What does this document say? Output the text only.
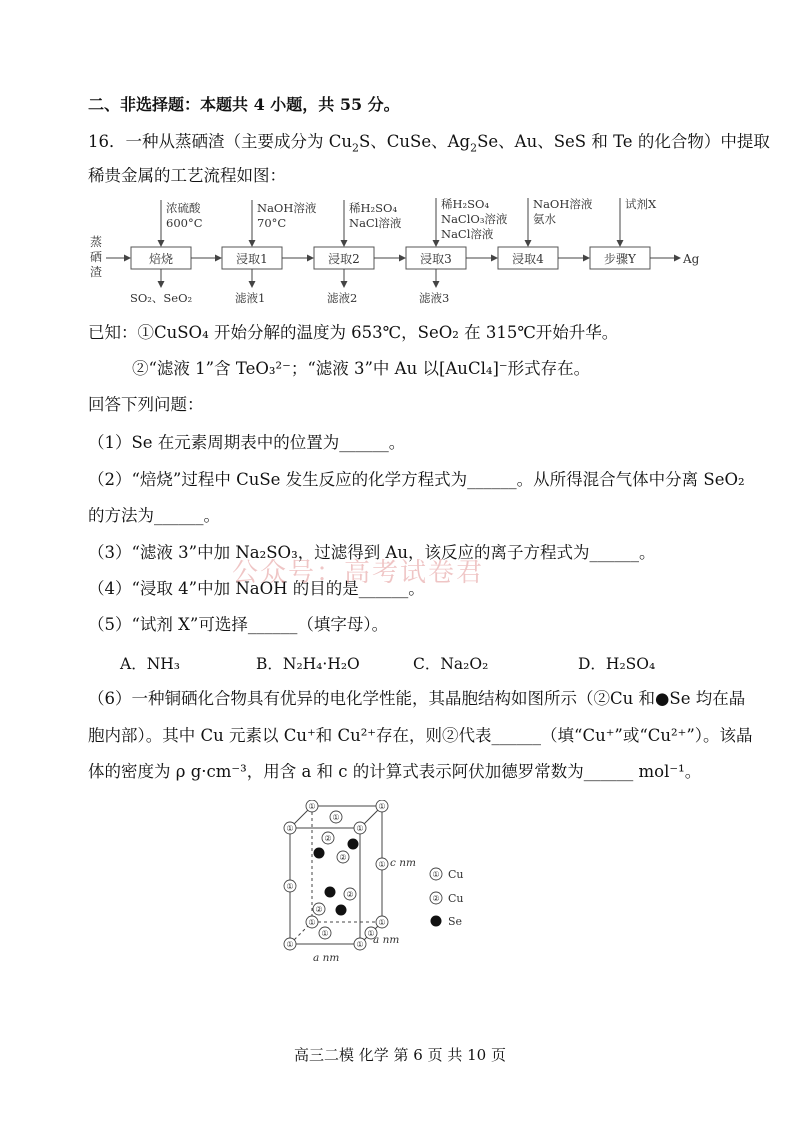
二、非选择题：本题共 4 小题，共 55 分。
16．一种从蒸硒渣（主要成分为 $Cu_2S$、CuSe、$Ag_2Se$、Au、SeS 和 Te 的化合物）中提取
稀贵金属的工艺流程如图：
蒸
硒
渣
焙烧	浸取1	浸取2	浸取3	浸取4	步骤Y	Ag
浓硫酸
600°C
NaOH溶液
70°C
稀H₂SO₄
NaCl溶液
稀H₂SO₄
NaClO₃溶液
NaCl溶液
NaOH溶液
氨水
试剂X
SO₂、SeO₂	滤液1	滤液2	滤液3
已知：①CuSO₄ 开始分解的温度为 653℃，SeO₂ 在 315℃开始升华。
②“滤液 1”含 TeO₃²⁻；“滤液 3”中 Au 以[AuCl₄]⁻形式存在。
回答下列问题：
（1）Se 在元素周期表中的位置为______。
（2）“焙烧”过程中 CuSe 发生反应的化学方程式为______。从所得混合气体中分离 SeO₂
的方法为______。
（3）“滤液 3”中加 Na₂SO₃，过滤得到 Au，该反应的离子方程式为______。
（4）“浸取 4”中加 NaOH 的目的是______。
（5）“试剂 X”可选择______（填字母）。
公众号：高考试卷君
A．NH₃	B．N₂H₄·H₂O	C．Na₂O₂	D．H₂SO₄
（6）一种铜硒化合物具有优异的电化学性能，其晶胞结构如图所示（②Cu 和●Se 均在晶
胞内部）。其中 Cu 元素以 Cu⁺和 Cu²⁺存在，则②代表______（填“Cu⁺”或“Cu²⁺”）。该晶
体的密度为 ρ g·cm⁻³，用含 a 和 c 的计算式表示阿伏加德罗常数为______ mol⁻¹。
①	①
①	①
①	①
①	①
①
①
①
①
①
②
②
②
②
c nm
a nm
a nm
① Cu
② Cu
Se
高三二模 化学 第 6 页 共 10 页
